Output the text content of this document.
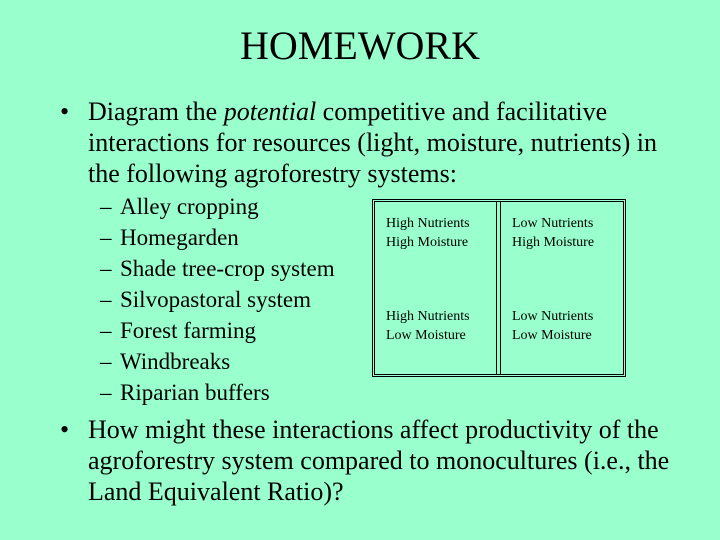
HOMEWORK
• Diagram the potential competitive and facilitative interactions for resources (light, moisture, nutrients) in the following agroforestry systems:
– Alley cropping
– Homegarden
– Shade tree-crop system
– Silvopastoral system
– Forest farming
– Windbreaks
– Riparian buffers
High Nutrients
High Moisture
Low Nutrients
High Moisture
High Nutrients
Low Moisture
Low Nutrients
Low Moisture
• How might these interactions affect productivity of the agroforestry system compared to monocultures (i.e., the Land Equivalent Ratio)?
